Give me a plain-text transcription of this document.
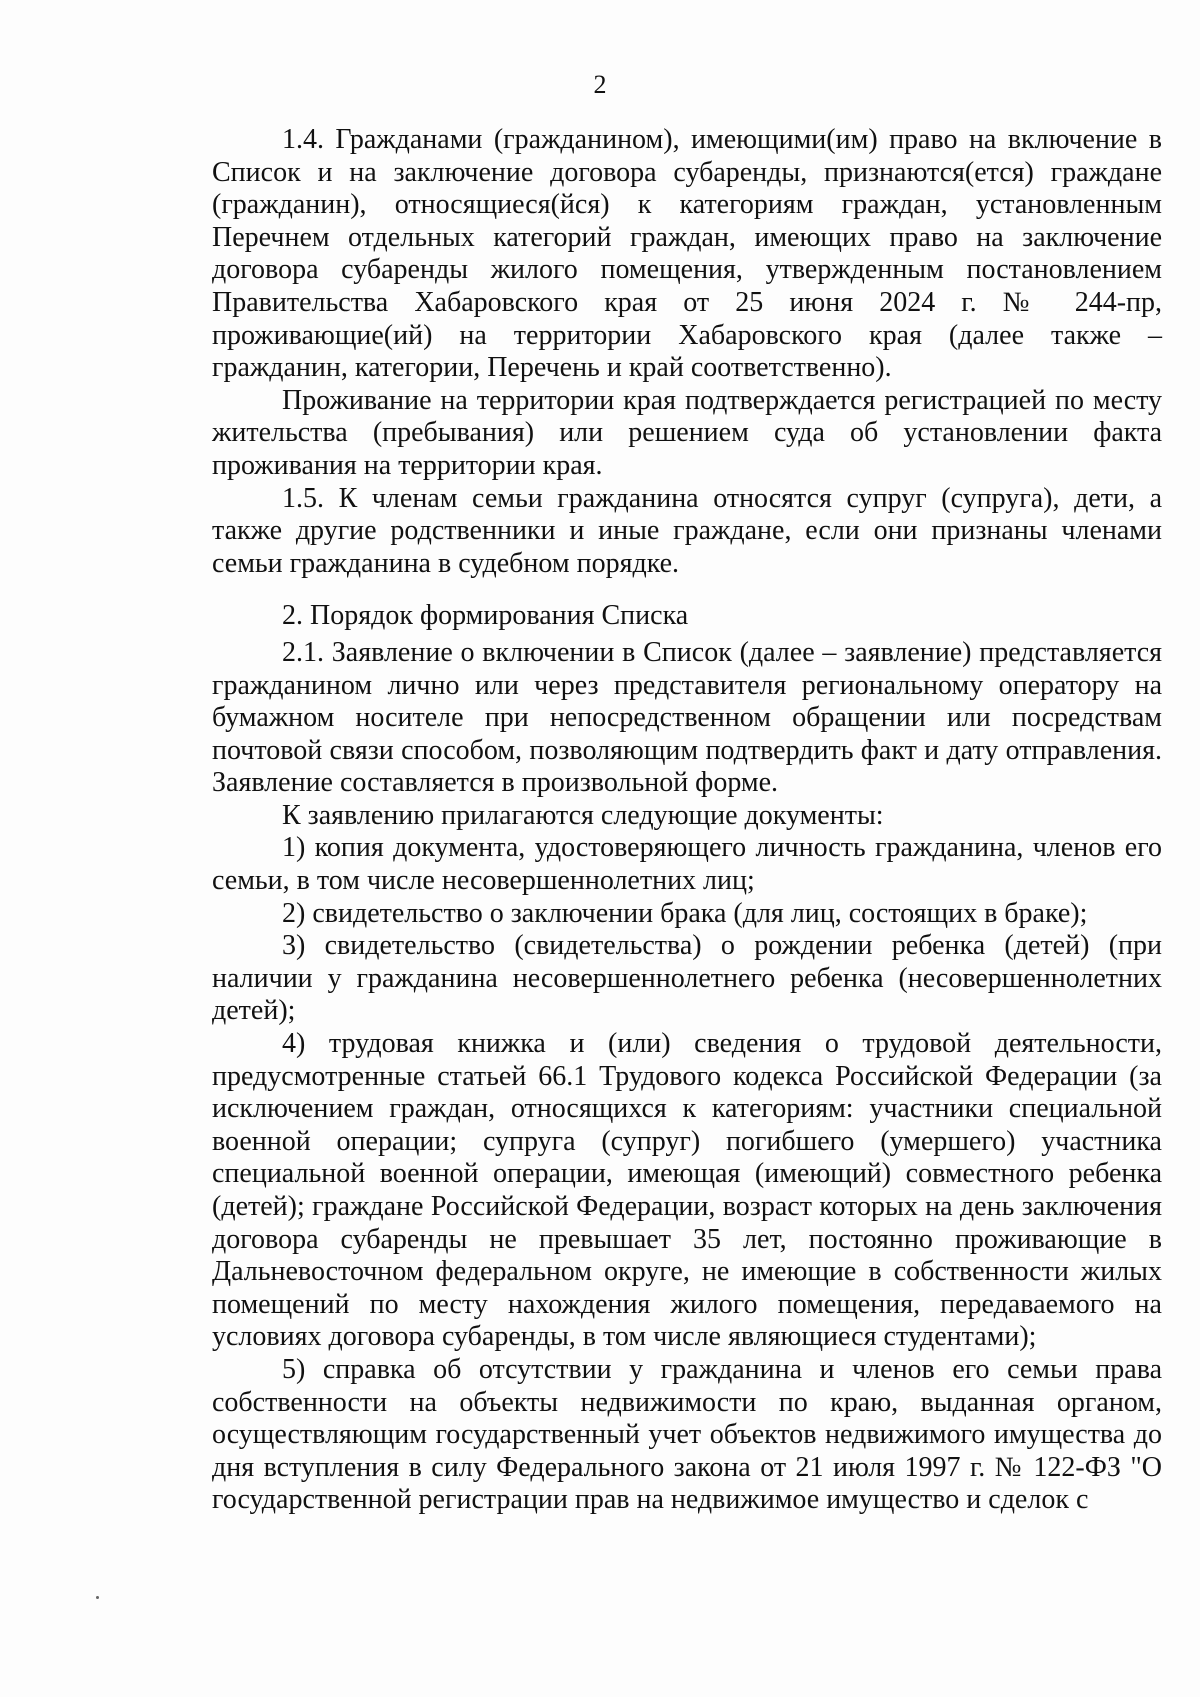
2

1.4. Гражданами (гражданином), имеющими(им) право на включение в Список и на заключение договора субаренды, признаются(ется) граждане (гражданин), относящиеся(йся) к категориям граждан, установленным Перечнем отдельных категорий граждан, имеющих право на заключение договора субаренды жилого помещения, утвержденным постановлением Правительства Хабаровского края от 25 июня 2024 г. № 244-пр, проживающие(ий) на территории Хабаровского края (далее также – гражданин, категории, Перечень и край соответственно).

Проживание на территории края подтверждается регистрацией по месту жительства (пребывания) или решением суда об установлении факта проживания на территории края.

1.5. К членам семьи гражданина относятся супруг (супруга), дети, а также другие родственники и иные граждане, если они признаны членами семьи гражданина в судебном порядке.

2. Порядок формирования Списка

2.1. Заявление о включении в Список (далее – заявление) представляется гражданином лично или через представителя региональному оператору на бумажном носителе при непосредственном обращении или посредствам почтовой связи способом, позволяющим подтвердить факт и дату отправления. Заявление составляется в произвольной форме.

К заявлению прилагаются следующие документы:

1) копия документа, удостоверяющего личность гражданина, членов его семьи, в том числе несовершеннолетних лиц;

2) свидетельство о заключении брака (для лиц, состоящих в браке);

3) свидетельство (свидетельства) о рождении ребенка (детей) (при наличии у гражданина несовершеннолетнего ребенка (несовершеннолетних детей);

4) трудовая книжка и (или) сведения о трудовой деятельности, предусмотренные статьей 66.1 Трудового кодекса Российской Федерации (за исключением граждан, относящихся к категориям: участники специальной военной операции; супруга (супруг) погибшего (умершего) участника специальной военной операции, имеющая (имеющий) совместного ребенка (детей); граждане Российской Федерации, возраст которых на день заключения договора субаренды не превышает 35 лет, постоянно проживающие в Дальневосточном федеральном округе, не имеющие в собственности жилых помещений по месту нахождения жилого помещения, передаваемого на условиях договора субаренды, в том числе являющиеся студентами);

5) справка об отсутствии у гражданина и членов его семьи права собственности на объекты недвижимости по краю, выданная органом, осуществляющим государственный учет объектов недвижимого имущества до дня вступления в силу Федерального закона от 21 июля 1997 г. № 122-ФЗ "О государственной регистрации прав на недвижимое имущество и сделок с
